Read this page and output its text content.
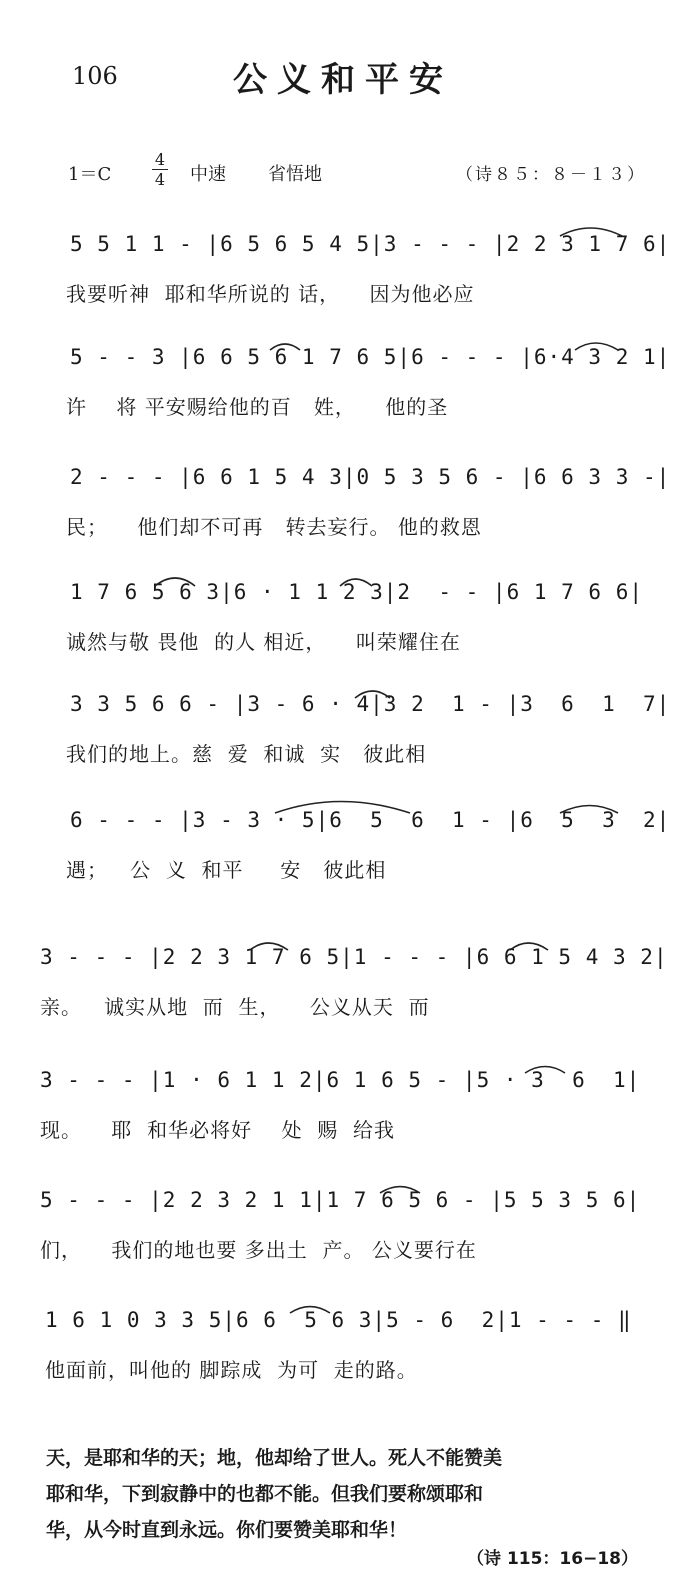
106	公义和平安
1＝C
4
4 中速	省悟地	（诗８５：８－１３）
5 5 1 1 - |6 5 6 5 4 5|3 - - - |2 2 3 1 7 6|
我要听神  耶和华所说的 话，    因为他必应
5 - - 3 |6 6 5 6 1 7 6 5|6 - - - |6·4 3 2 1|
许    将 平安赐给他的百   姓，    他的圣
2 - - - |6 6 1 5 4 3|0 5 3 5 6 - |6 6 3 3 -|
民；    他们却不可再   转去妄行。 他的救恩
1 7 6 5 6 3|6 · 1 1 2 3|2  - - |6 1 7 6 6|
诚然与敬 畏他  的人 相近，    叫荣耀住在
3 3 5 6 6 - |3 - 6 · 4|3 2  1 - |3  6  1  7|
我们的地上。慈  爱  和诚  实   彼此相
6 - - - |3 - 3 · 5|6  5  6  1 - |6  5  3  2|
遇；   公  义  和平     安   彼此相
3 - - - |2 2 3 1 7 6 5|1 - - - |6 6 1 5 4 3 2|
亲。   诚实从地  而  生，    公义从天  而
3 - - - |1 · 6 1 1 2|6 1 6 5 - |5 · 3  6  1|
现。    耶  和华必将好    处  赐  给我
5 - - - |2 2 3 2 1 1|1 7 6 5 6 - |5 5 3 5 6|
们，    我们的地也要 多出土  产。 公义要行在
1 6 1 0 3 3 5|6 6  5 6 3|5 - 6  2|1 - - - ‖
他面前，叫他的 脚踪成  为可  走的路。

天，是耶和华的天；地，他却给了世人。死人不能赞美

耶和华，下到寂静中的也都不能。但我们要称颂耶和

华，从今时直到永远。你们要赞美耶和华！

（诗 115：16−18）
